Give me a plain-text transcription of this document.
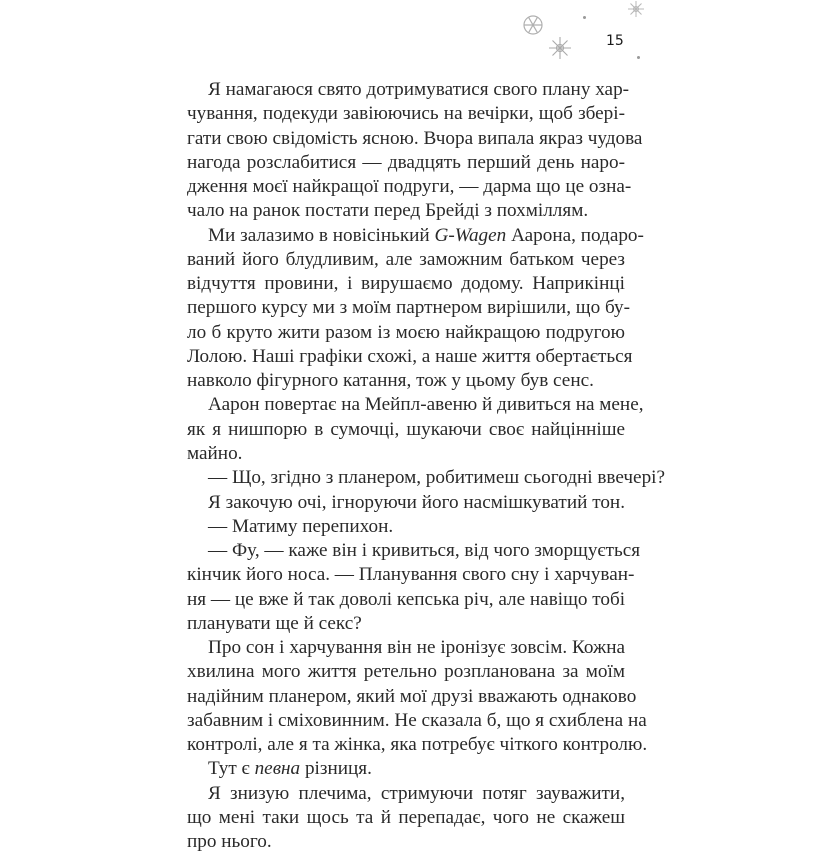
15
Я намагаюся свято дотримуватися свого плану хар-
чування, подекуди завіюючись на вечірки, щоб збері-
гати свою свідомість ясною. Вчора випала якраз чудова
нагода розслабитися — двадцять перший день наро-
дження моєї найкращої подруги, — дарма що це озна-
чало на ранок постати перед Брейді з похміллям.
Ми залазимо в новісінький G-Wagen Аарона, подаро-
ваний його блудливим, але заможним батьком через
відчуття провини, і вирушаємо додому. Наприкінці
першого курсу ми з моїм партнером вирішили, що бу-
ло б круто жити разом із моєю найкращою подругою
Лолою. Наші графіки схожі, а наше життя обертається
навколо фігурного катання, тож у цьому був сенс.
Аарон повертає на Мейпл-авеню й дивиться на мене,
як я нишпорю в сумочці, шукаючи своє найцінніше
майно.
— Що, згідно з планером, робитимеш сьогодні ввечері?
Я закочую очі, ігноруючи його насмішкуватий тон.
— Матиму перепихон.
— Фу, — каже він і кривиться, від чого зморщується
кінчик його носа. — Планування свого сну і харчуван-
ня — це вже й так доволі кепська річ, але навіщо тобі
планувати ще й секс?
Про сон і харчування він не іронізує зовсім. Кожна
хвилина мого життя ретельно розпланована за моїм
надійним планером, який мої друзі вважають однаково
забавним і сміховинним. Не сказала б, що я схиблена на
контролі, але я та жінка, яка потребує чіткого контролю.
Тут є певна різниця.
Я знизую плечима, стримуючи потяг зауважити,
що мені таки щось та й перепадає, чого не скажеш
про нього.
